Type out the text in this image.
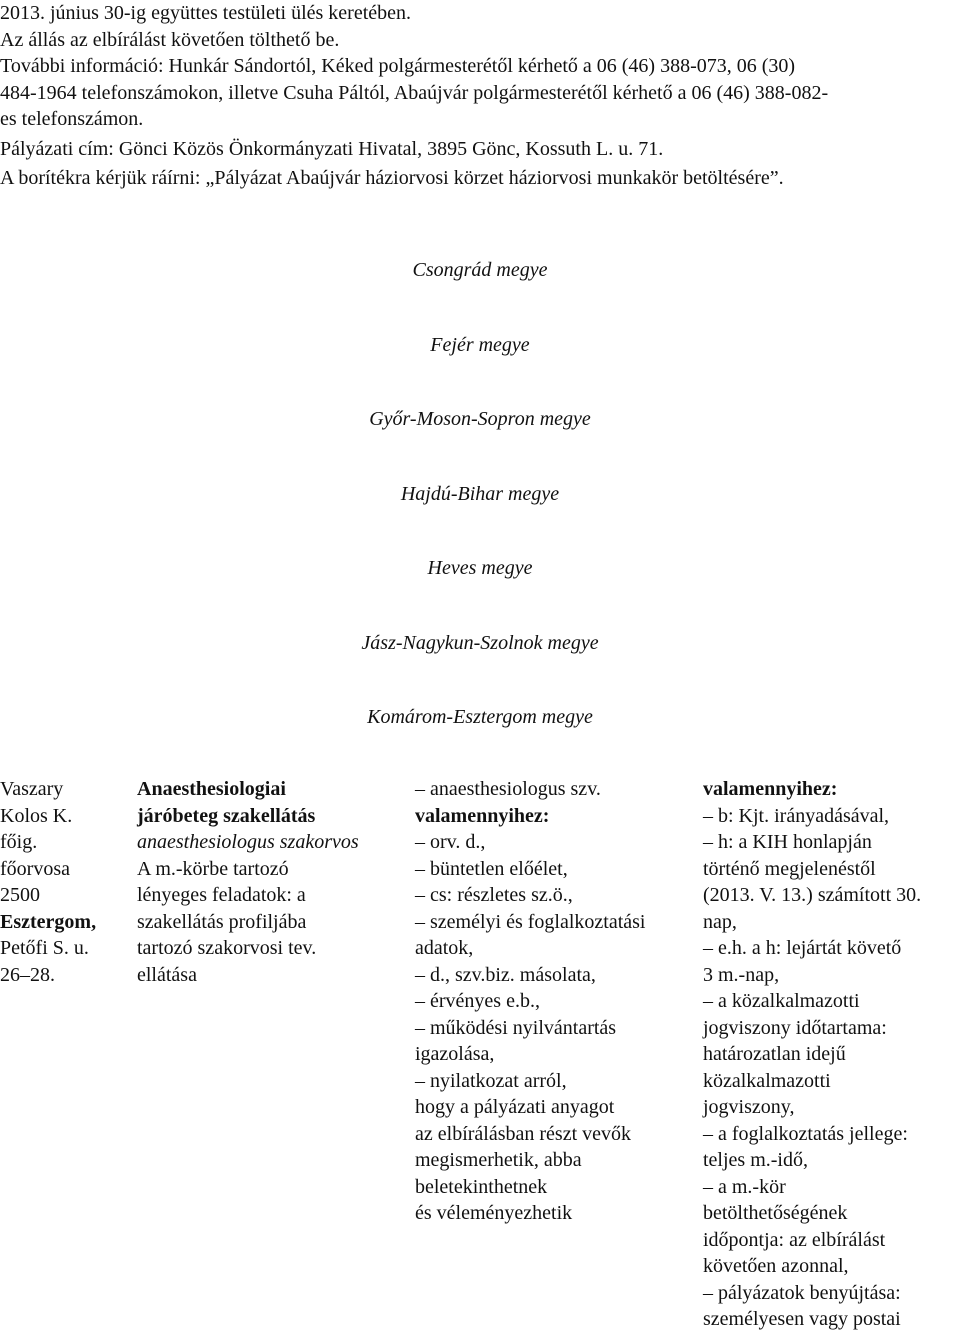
2013. június 30-ig együttes testületi ülés keretében.

Az állás az elbírálást követően tölthető be.

További információ: Hunkár Sándortól, Kéked polgármesterétől kérhető a 06 (46) 388-073, 06 (30)

484-1964 telefonszámokon, illetve Csuha Páltól, Abaújvár polgármesterétől kérhető a 06 (46) 388-082-

es telefonszámon.

Pályázati cím: Gönci Közös Önkormányzati Hivatal, 3895 Gönc, Kossuth L. u. 71.

A borítékra kérjük ráírni: „Pályázat Abaújvár háziorvosi körzet háziorvosi munkakör betöltésére”.

Csongrád megye
Fejér megye
Győr-Moson-Sopron megye
Hajdú-Bihar megye
Heves megye
Jász-Nagykun-Szolnok megye
Komárom-Esztergom megye
Vaszary
Kolos K.
főig.
főorvosa
2500
Esztergom,
Petőfi S. u.
26–28.
Anaesthesiologiai
járóbeteg szakellátás
anaesthesiologus szakorvos
A m.-körbe tartozó
lényeges feladatok: a
szakellátás profiljába
tartozó szakorvosi tev.
ellátása
– anaesthesiologus szv.
valamennyihez:
– orv. d.,
– büntetlen előélet,
– cs: részletes sz.ö.,
– személyi és foglalkoztatási
adatok,
– d., szv.biz. másolata,
– érvényes e.b.,
– működési nyilvántartás
igazolása,
– nyilatkozat arról,
hogy a pályázati anyagot
az elbírálásban részt vevők
megismerhetik, abba
beletekinthetnek
és véleményezhetik
valamennyihez:
– b: Kjt. irányadásával,
– h: a KIH honlapján
történő megjelenéstől
(2013. V. 13.) számított 30.
nap,
– e.h. a h: lejártát követő
3 m.-nap,
– a közalkalmazotti
jogviszony időtartama:
határozatlan idejű
közalkalmazotti
jogviszony,
– a foglalkoztatás jellege:
teljes m.-idő,
– a m.-kör
betölthetőségének
időpontja: az elbírálást
követően azonnal,
– pályázatok benyújtása:
személyesen vagy postai
